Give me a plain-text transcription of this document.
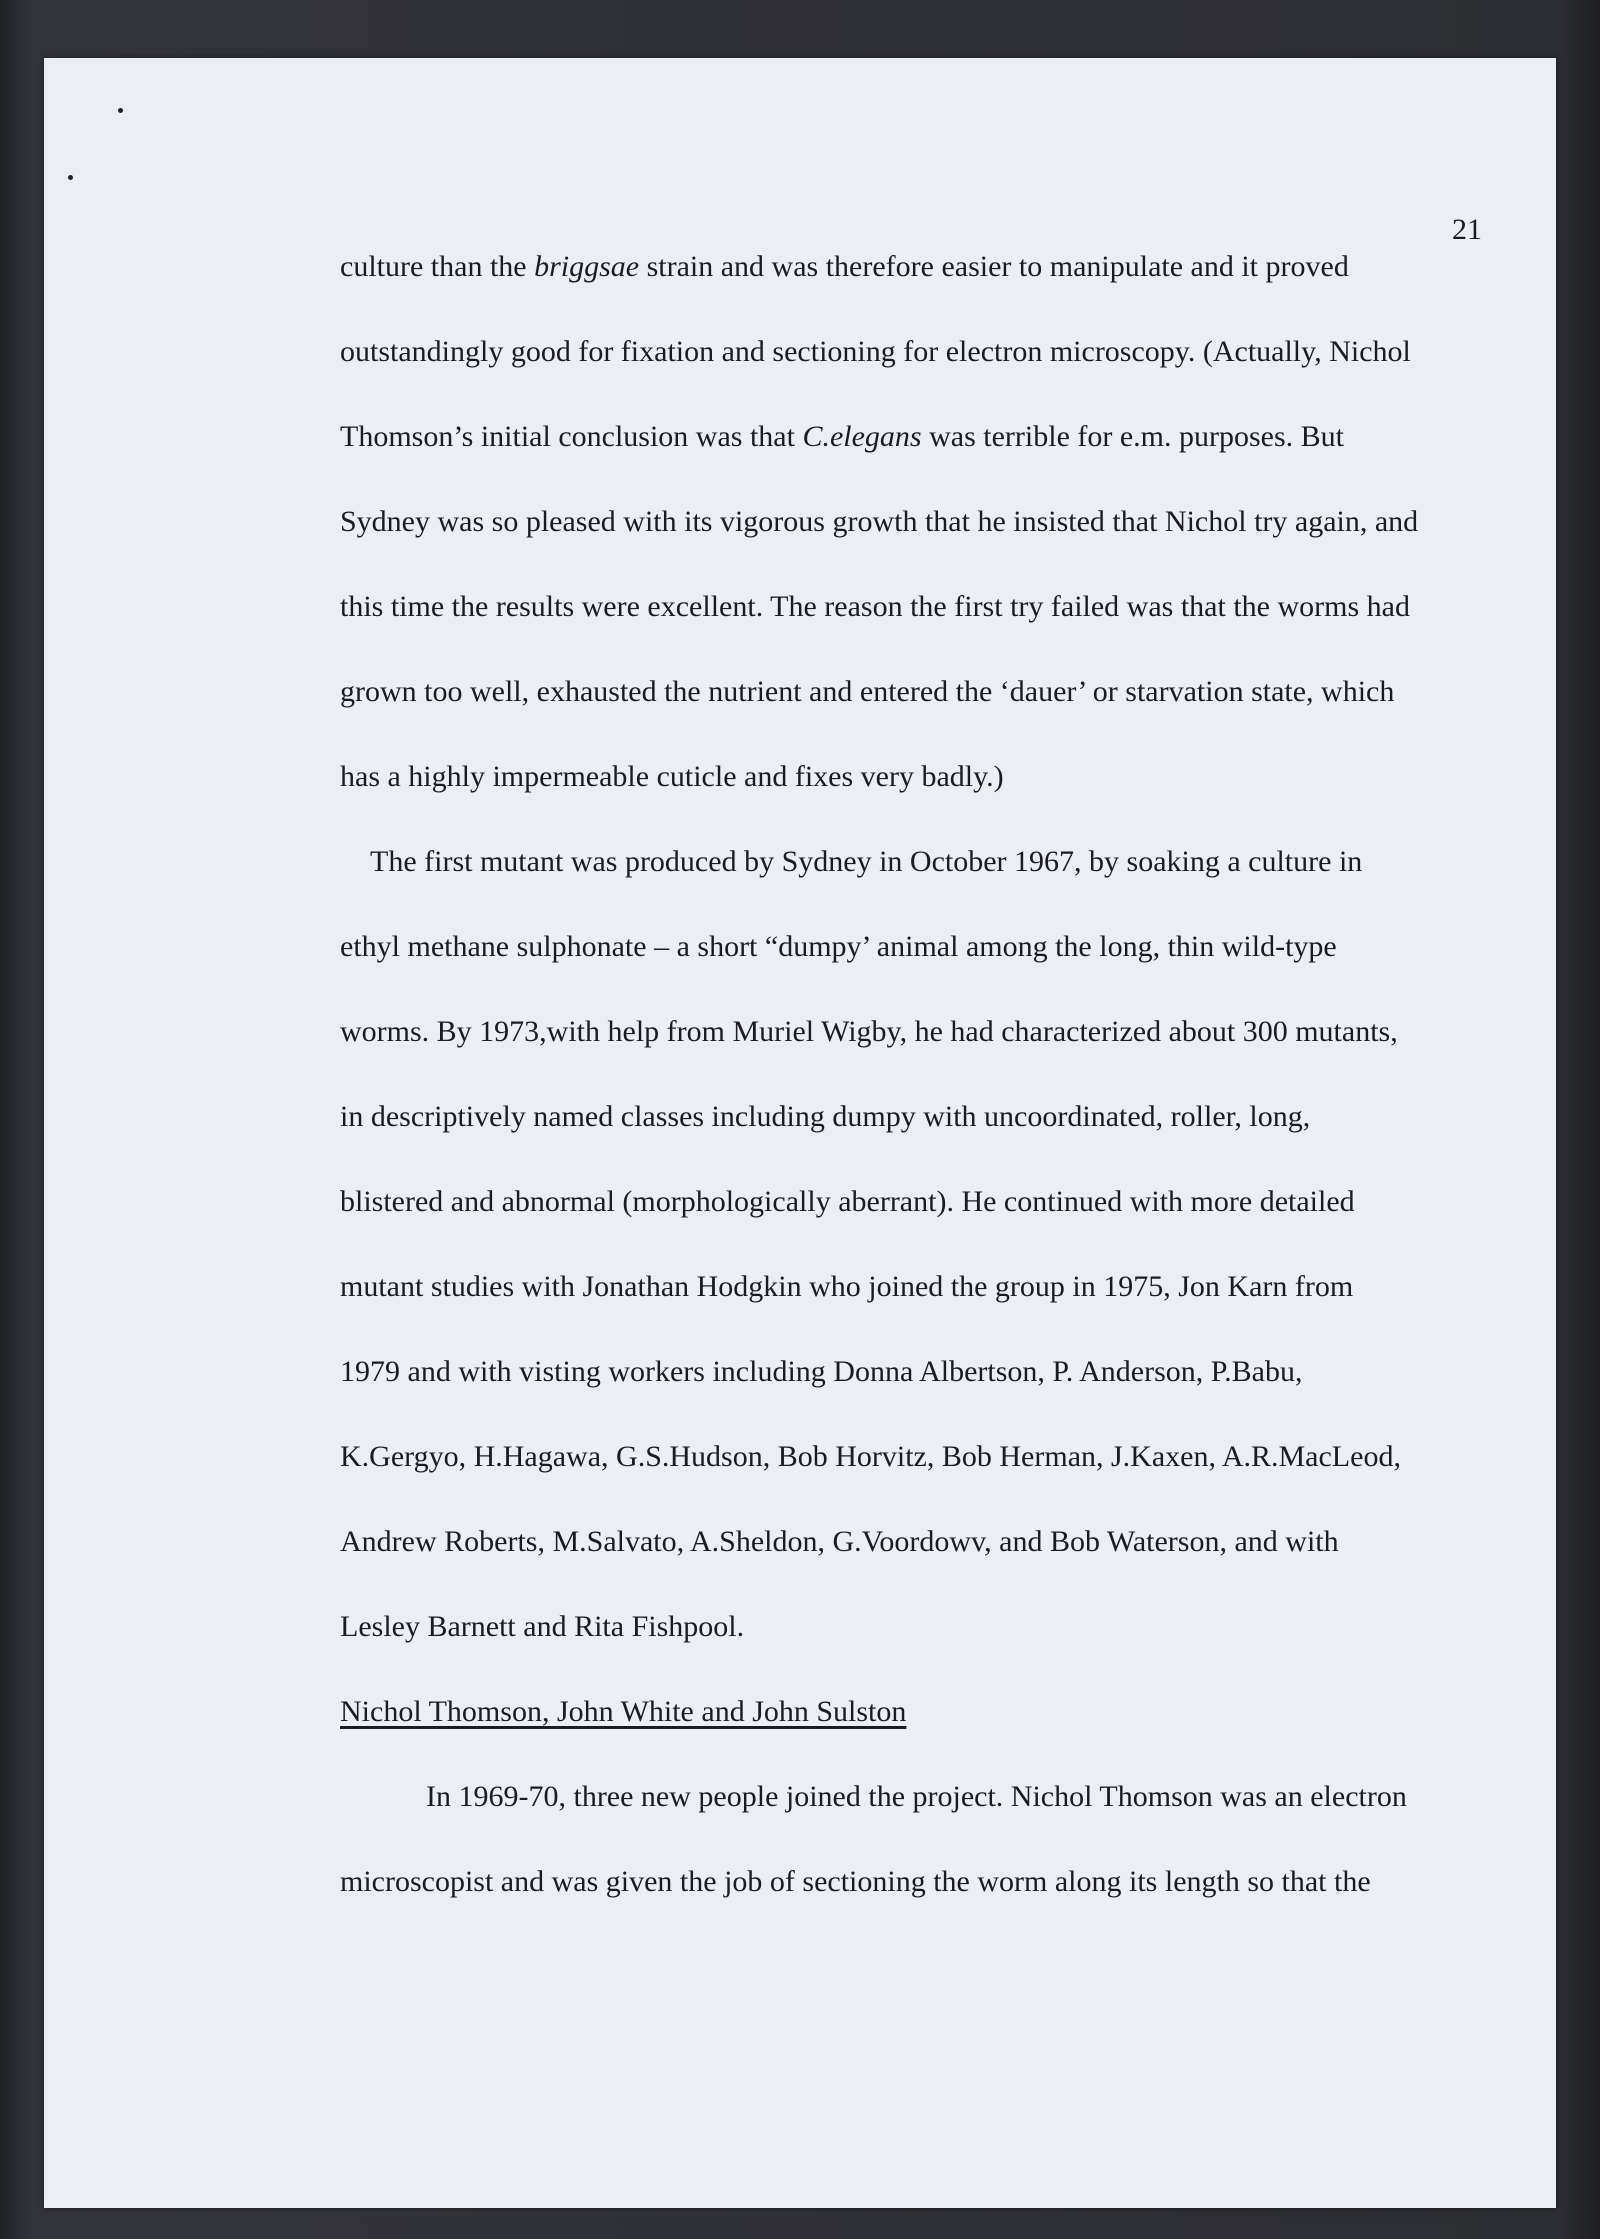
21
culture than the briggsae strain and was therefore easier to manipulate and it proved
outstandingly good for fixation and sectioning for electron microscopy. (Actually, Nichol
Thomson’s initial conclusion was that C.elegans was terrible for e.m. purposes. But
Sydney was so pleased with its vigorous growth that he insisted that Nichol try again, and
this time the results were excellent. The reason the first try failed was that the worms had
grown too well, exhausted the nutrient and entered the ‘dauer’ or starvation state, which
has a highly impermeable cuticle and fixes very badly.)
The first mutant was produced by Sydney in October 1967, by soaking a culture in
ethyl methane sulphonate – a short “dumpy’ animal among the long, thin wild-type
worms. By 1973,with help from Muriel Wigby, he had characterized about 300 mutants,
in descriptively named classes including dumpy with uncoordinated, roller, long,
blistered and abnormal (morphologically aberrant). He continued with more detailed
mutant studies with Jonathan Hodgkin who joined the group in 1975, Jon Karn from
1979 and with visting workers including Donna Albertson, P. Anderson, P.Babu,
K.Gergyo, H.Hagawa, G.S.Hudson, Bob Horvitz, Bob Herman, J.Kaxen, A.R.MacLeod,
Andrew Roberts, M.Salvato, A.Sheldon, G.Voordowv, and Bob Waterson, and with
Lesley Barnett and Rita Fishpool.
Nichol Thomson, John White and John Sulston
In 1969-70, three new people joined the project. Nichol Thomson was an electron
microscopist and was given the job of sectioning the worm along its length so that the
